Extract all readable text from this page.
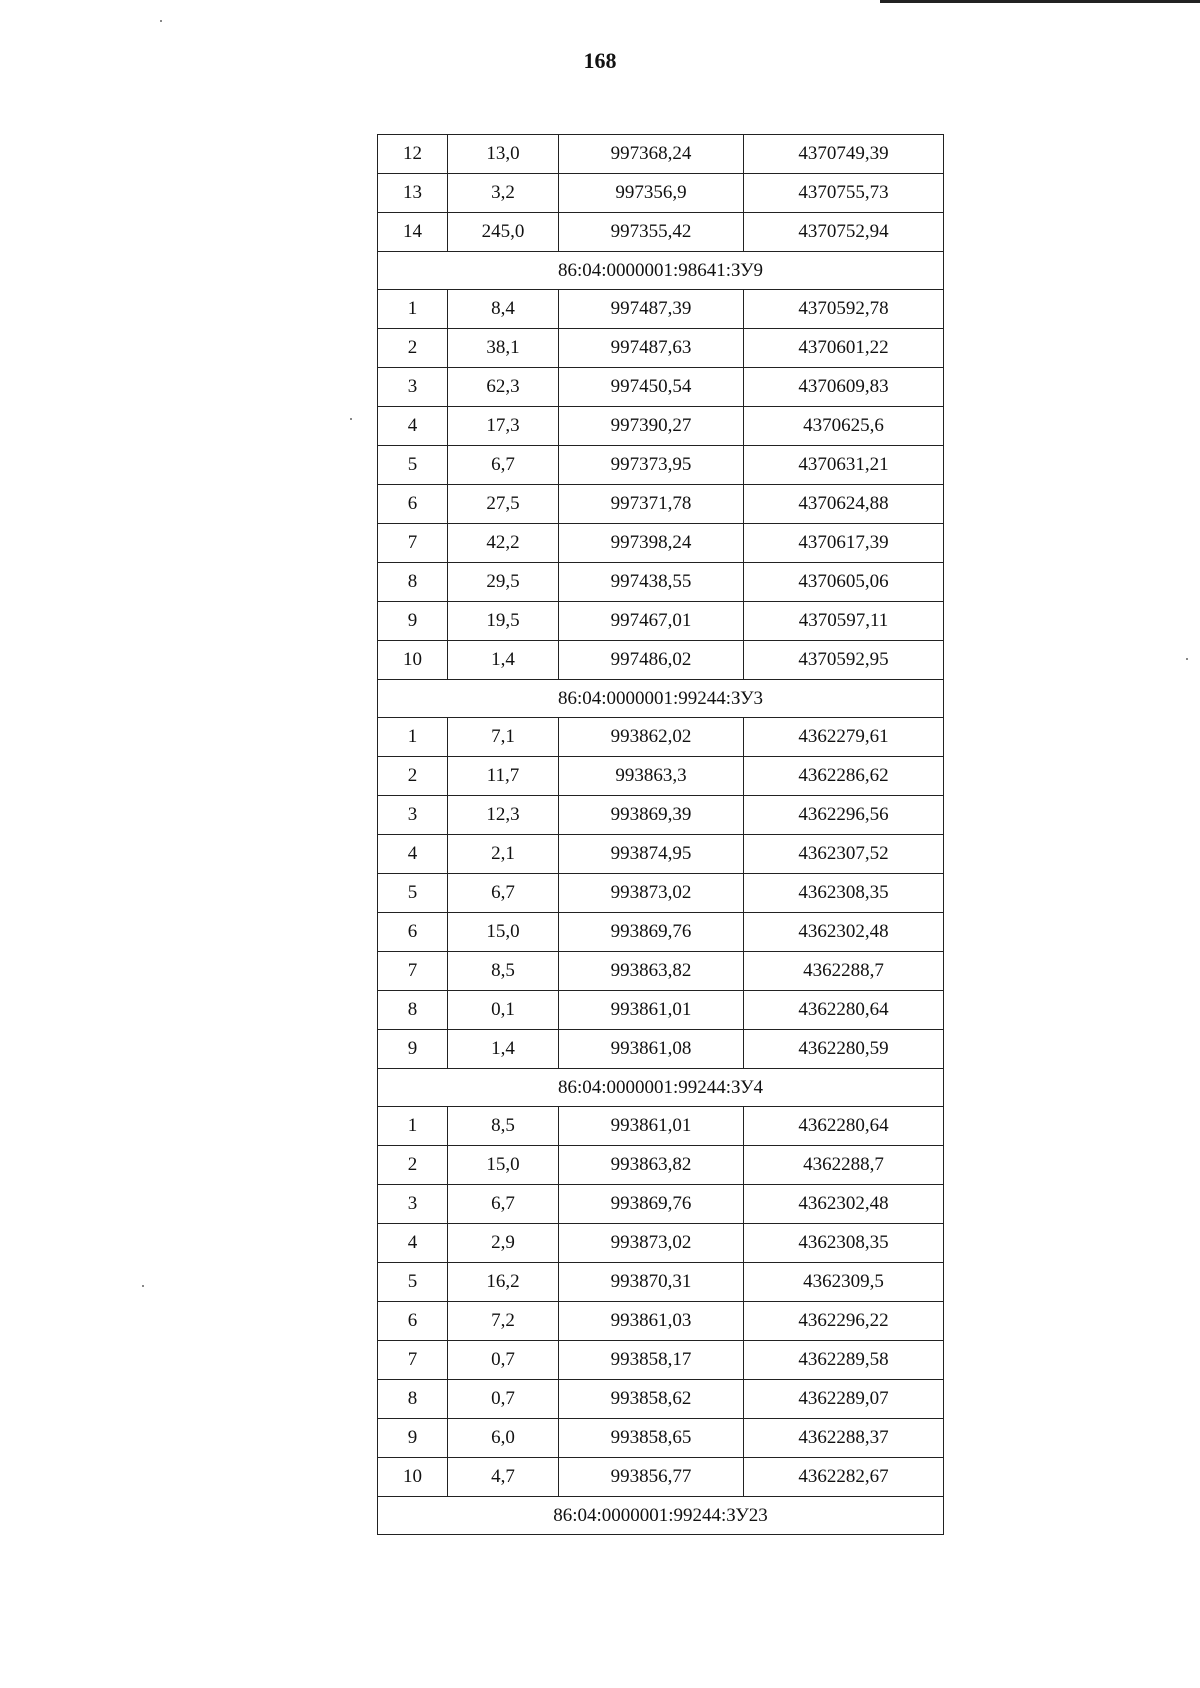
168
12	13,0	997368,24	4370749,39
13	3,2	997356,9	4370755,73
14	245,0	997355,42	4370752,94
86:04:0000001:98641:ЗУ9			
1	8,4	997487,39	4370592,78
2	38,1	997487,63	4370601,22
3	62,3	997450,54	4370609,83
4	17,3	997390,27	4370625,6
5	6,7	997373,95	4370631,21
6	27,5	997371,78	4370624,88
7	42,2	997398,24	4370617,39
8	29,5	997438,55	4370605,06
9	19,5	997467,01	4370597,11
10	1,4	997486,02	4370592,95
86:04:0000001:99244:ЗУ3			
1	7,1	993862,02	4362279,61
2	11,7	993863,3	4362286,62
3	12,3	993869,39	4362296,56
4	2,1	993874,95	4362307,52
5	6,7	993873,02	4362308,35
6	15,0	993869,76	4362302,48
7	8,5	993863,82	4362288,7
8	0,1	993861,01	4362280,64
9	1,4	993861,08	4362280,59
86:04:0000001:99244:ЗУ4			
1	8,5	993861,01	4362280,64
2	15,0	993863,82	4362288,7
3	6,7	993869,76	4362302,48
4	2,9	993873,02	4362308,35
5	16,2	993870,31	4362309,5
6	7,2	993861,03	4362296,22
7	0,7	993858,17	4362289,58
8	0,7	993858,62	4362289,07
9	6,0	993858,65	4362288,37
10	4,7	993856,77	4362282,67
86:04:0000001:99244:ЗУ23			
